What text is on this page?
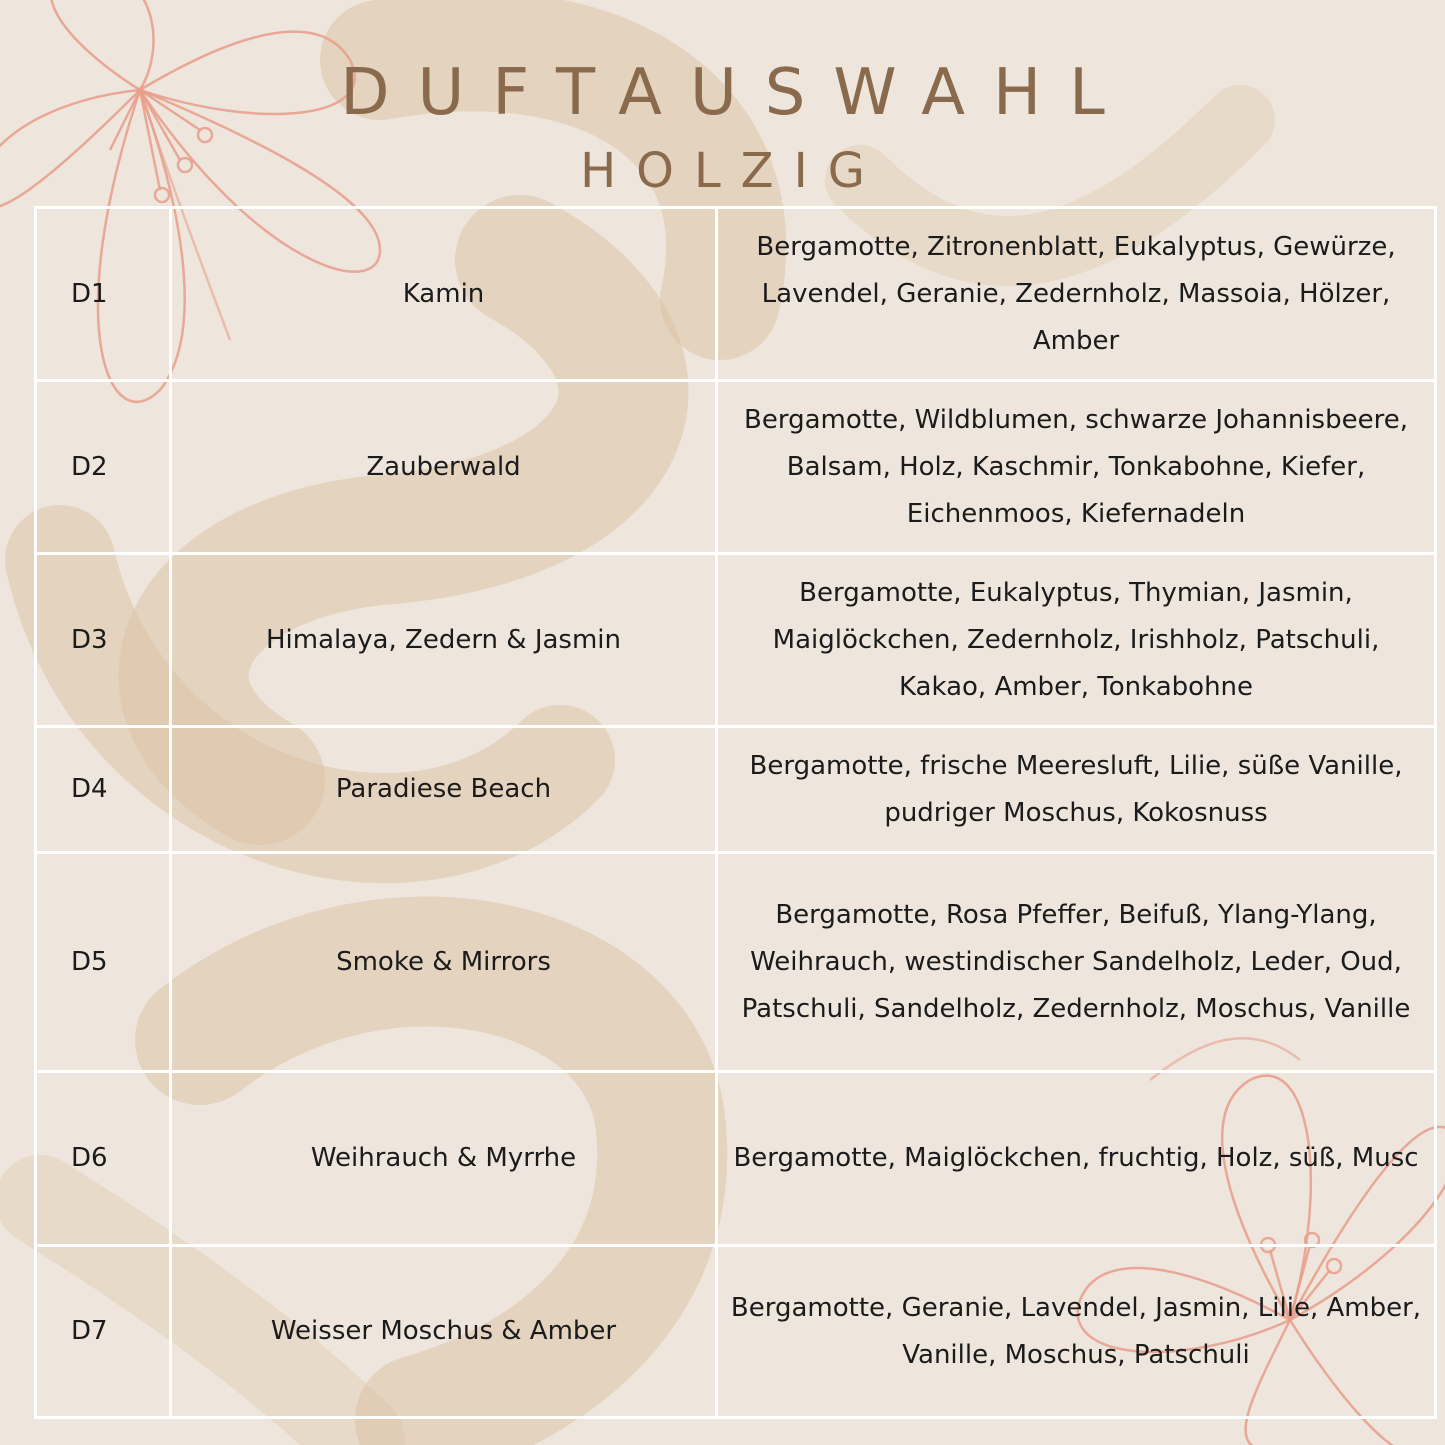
DUFTAUSWAHL
HOLZIG
D1	Kamin	Bergamotte, Zitronenblatt, Eukalyptus, Gewürze, Lavendel, Geranie, Zedernholz, Massoia, Hölzer, Amber
D2	Zauberwald	Bergamotte, Wildblumen, schwarze Johannisbeere, Balsam, Holz, Kaschmir, Tonkabohne, Kiefer, Eichenmoos, Kiefernadeln
D3	Himalaya, Zedern & Jasmin	Bergamotte, Eukalyptus, Thymian, Jasmin, Maiglöckchen, Zedernholz, Irishholz, Patschuli, Kakao, Amber, Tonkabohne
D4	Paradiese Beach	Bergamotte, frische Meeresluft, Lilie, süße Vanille, pudriger Moschus, Kokosnuss
D5	Smoke & Mirrors	Bergamotte, Rosa Pfeffer, Beifuß, Ylang-Ylang, Weihrauch, westindischer Sandelholz, Leder, Oud, Patschuli, Sandelholz, Zedernholz, Moschus, Vanille
D6	Weihrauch & Myrrhe	Bergamotte, Maiglöckchen, fruchtig, Holz, süß, Musc
D7	Weisser Moschus & Amber	Bergamotte, Geranie, Lavendel, Jasmin, Lilie, Amber, Vanille, Moschus, Patschuli
